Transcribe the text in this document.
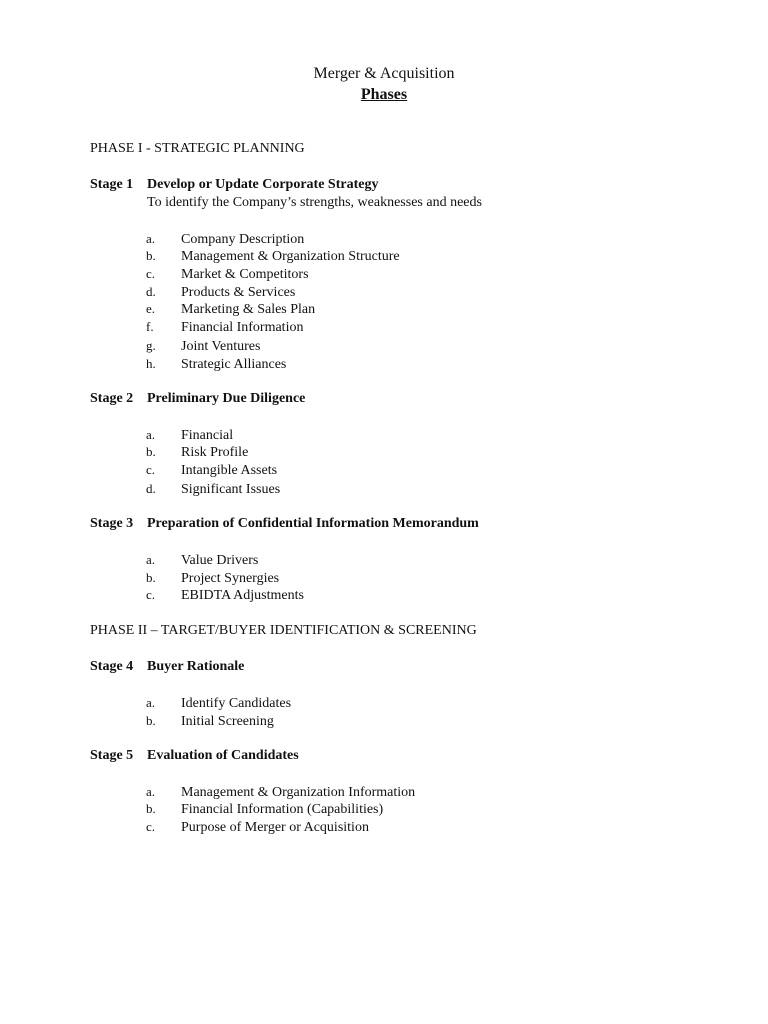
Merger & Acquisition
Phases
PHASE I - STRATEGIC PLANNING
Stage 1 Develop or Update Corporate Strategy
To identify the Company’s strengths, weaknesses and needs
a. Company Description
b. Management & Organization Structure
c. Market & Competitors
d. Products & Services
e. Marketing & Sales Plan
f. Financial Information
g. Joint Ventures
h. Strategic Alliances
Stage 2 Preliminary Due Diligence
a. Financial
b. Risk Profile
c. Intangible Assets
d. Significant Issues
Stage 3 Preparation of Confidential Information Memorandum
a. Value Drivers
b. Project Synergies
c. EBIDTA Adjustments
PHASE II – TARGET/BUYER IDENTIFICATION & SCREENING
Stage 4 Buyer Rationale
a. Identify Candidates
b. Initial Screening
Stage 5 Evaluation of Candidates
a. Management & Organization Information
b. Financial Information (Capabilities)
c. Purpose of Merger or Acquisition
